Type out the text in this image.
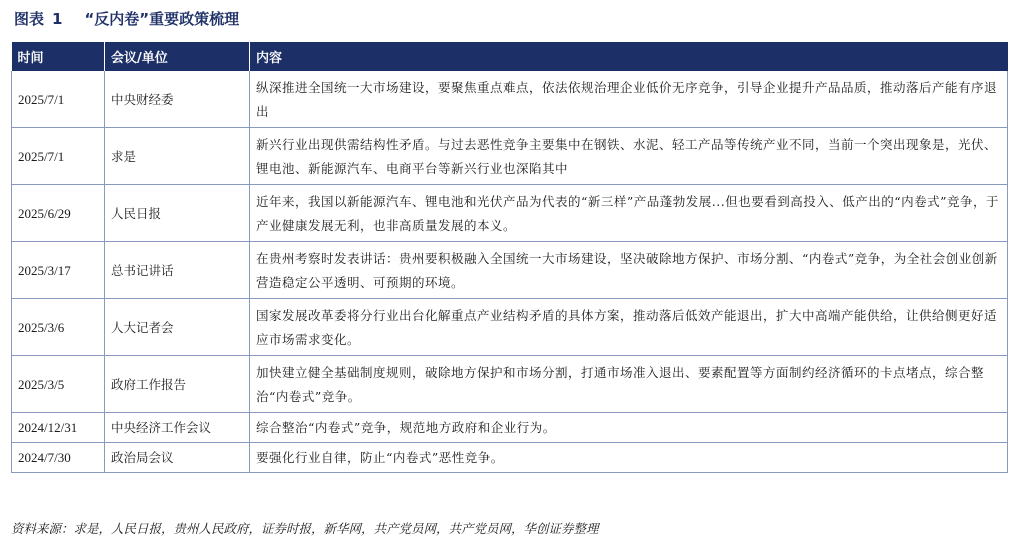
图表 1 “反内卷”重要政策梳理
时间	会议/单位	内容
2025/7/1	中央财经委	纵深推进全国统一大市场建设，要聚焦重点难点，依法依规治理企业低价无序竞争，引导企业提升产品品质，推动落后产能有序退出
2025/7/1	求是	新兴行业出现供需结构性矛盾。与过去恶性竞争主要集中在钢铁、水泥、轻工产品等传统产业不同，当前一个突出现象是，光伏、锂电池、新能源汽车、电商平台等新兴行业也深陷其中
2025/6/29	人民日报	近年来，我国以新能源汽车、锂电池和光伏产品为代表的“新三样”产品蓬勃发展...但也要看到高投入、低产出的“内卷式”竞争，于产业健康发展无利，也非高质量发展的本义。
2025/3/17	总书记讲话	在贵州考察时发表讲话：贵州要积极融入全国统一大市场建设，坚决破除地方保护、市场分割、“内卷式”竞争，为全社会创业创新营造稳定公平透明、可预期的环境。
2025/3/6	人大记者会	国家发展改革委将分行业出台化解重点产业结构矛盾的具体方案，推动落后低效产能退出，扩大中高端产能供给，让供给侧更好适应市场需求变化。
2025/3/5	政府工作报告	加快建立健全基础制度规则，破除地方保护和市场分割，打通市场准入退出、要素配置等方面制约经济循环的卡点堵点，综合整治“内卷式”竞争。
2024/12/31	中央经济工作会议	综合整治“内卷式”竞争，规范地方政府和企业行为。
2024/7/30	政治局会议	要强化行业自律，防止“内卷式”恶性竞争。
资料来源：求是，人民日报，贵州人民政府，证券时报，新华网，共产党员网，共产党员网，华创证券整理
